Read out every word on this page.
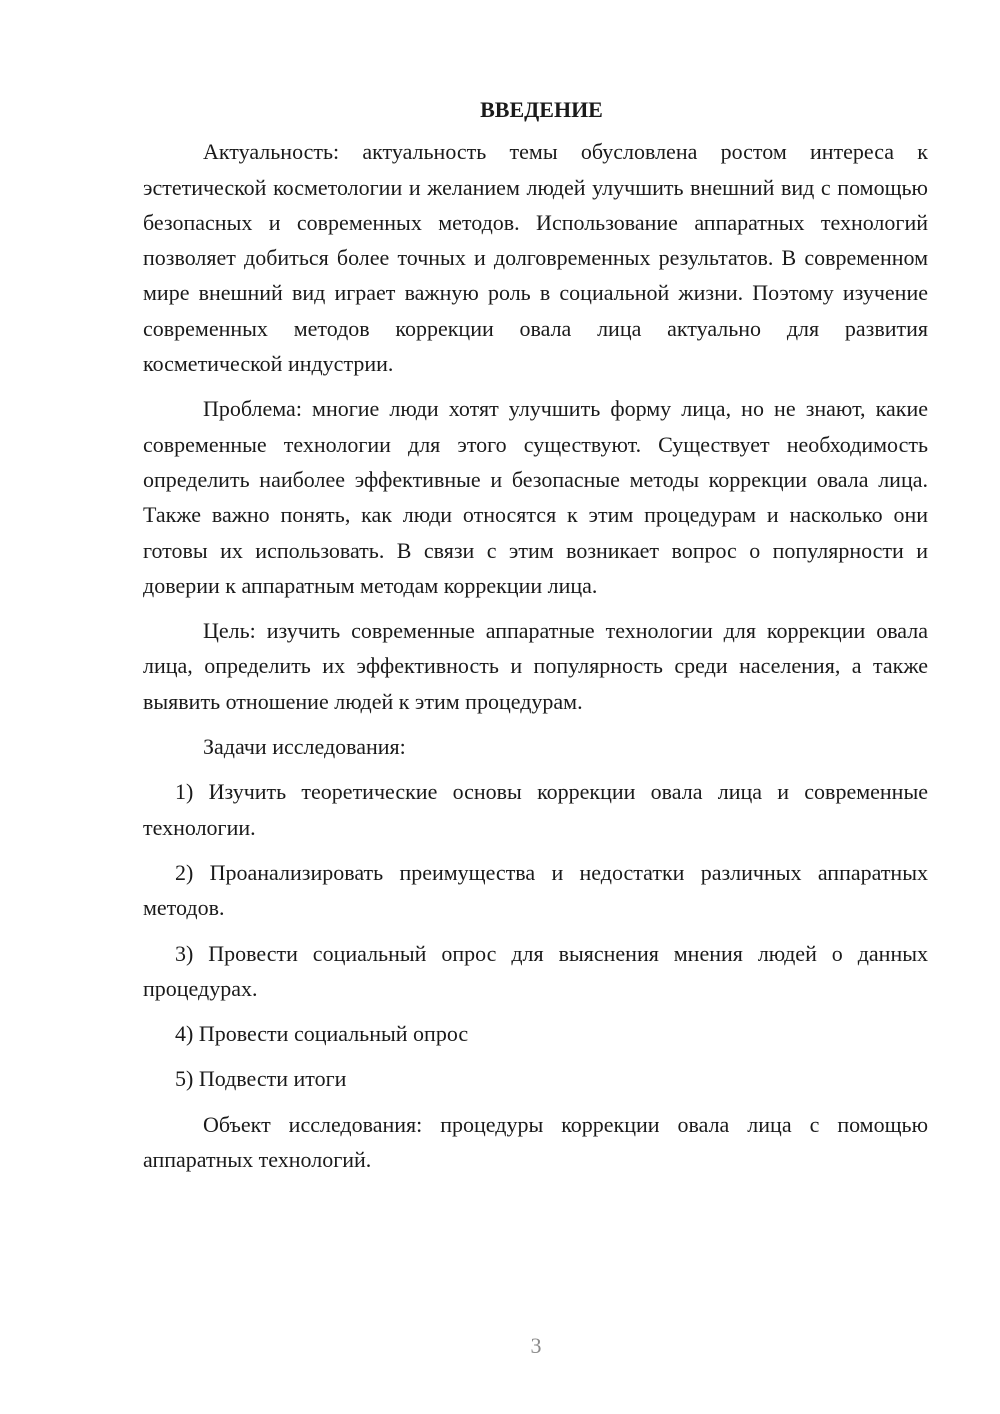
ВВЕДЕНИЕ

Актуальность: актуальность темы обусловлена ростом интереса к эстетической косметологии и желанием людей улучшить внешний вид с помощью безопасных и современных методов. Использование аппаратных технологий позволяет добиться более точных и долговременных результатов. В современном мире внешний вид играет важную роль в социальной жизни. Поэтому изучение современных методов коррекции овала лица актуально для развития косметической индустрии.

Проблема: многие люди хотят улучшить форму лица, но не знают, какие современные технологии для этого существуют. Существует необходимость определить наиболее эффективные и безопасные методы коррекции овала лица. Также важно понять, как люди относятся к этим процедурам и насколько они готовы их использовать. В связи с этим возникает вопрос о популярности и доверии к аппаратным методам коррекции лица.

Цель: изучить современные аппаратные технологии для коррекции овала лица, определить их эффективность и популярность среди населения, а также выявить отношение людей к этим процедурам.

Задачи исследования:

1) Изучить теоретические основы коррекции овала лица и современные технологии.

2) Проанализировать преимущества и недостатки различных аппаратных методов.

3) Провести социальный опрос для выяснения мнения людей о данных процедурах.

4) Провести социальный опрос

5) Подвести итоги

Объект исследования: процедуры коррекции овала лица с помощью аппаратных технологий.

3
